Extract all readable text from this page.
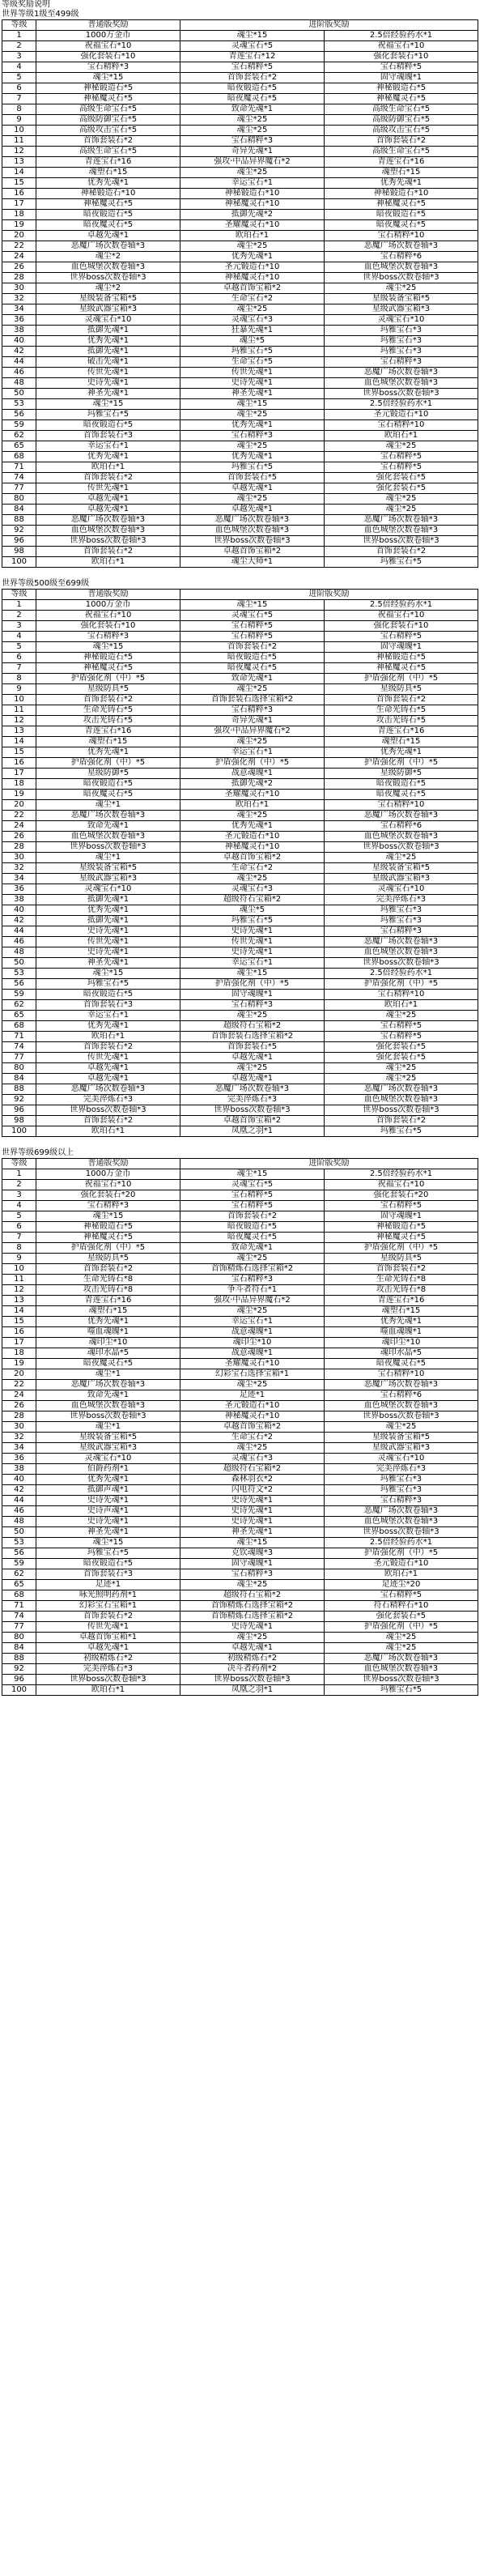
等级奖励说明
世界等级1级至499级
等级	普通版奖励	进阶版奖励	
1	1000万金币	魂尘*15	2.5倍经验药水*1
2	祝福宝石*10	灵魂宝石*5	祝福宝石*10
3	强化套装石*10	青莲宝石*12	强化套装石*10
4	宝石精粹*3	宝石精粹*5	宝石精粹*5
5	魂尘*15	首饰套装石*2	固守魂魄*1
6	神秘锻造石*5	暗夜锻造石*5	神秘锻造石*5
7	神秘魔灵石*5	暗夜魔灵石*5	神秘魔灵石*5
8	高级生命宝石*5	致命先魂*1	高级生命宝石*5
9	高级防御宝石*5	魂尘*25	高级防御宝石*5
10	高级攻击宝石*5	魂尘*25	高级攻击宝石*5
11	首饰套装石*2	宝石精粹*3	首饰套装石*2
12	高级生命宝石*5	奇异先魂*1	高级生命宝石*5
13	青莲宝石*16	强攻·中品异界魔石*2	青莲宝石*16
14	魂塑石*15	魂尘*25	魂塑石*15
15	优秀先魂*1	幸运宝石*1	优秀先魂*1
16	神秘锻造石*10	神秘锻造石*10	神秘锻造石*10
17	神秘魔灵石*5	神秘魔灵石*10	神秘魔灵石*5
18	暗夜锻造石*5	抵御先魂*2	暗夜锻造石*5
19	暗夜魔灵石*5	圣耀魔灵石*10	暗夜魔灵石*5
20	卓越先魂*1	欧珀石*1	宝石精粹*10
22	恶魔广场次数卷轴*3	魂尘*25	恶魔广场次数卷轴*3
24	魂尘*2	优秀先魂*1	宝石精粹*6
26	血色城堡次数卷轴*3	圣元锻造石*10	血色城堡次数卷轴*3
28	世界boss次数卷轴*3	神秘魔灵石*10	世界boss次数卷轴*3
30	魂尘*2	卓越首饰宝箱*2	魂尘*25
32	星级装备宝箱*5	生命宝石*2	星级装备宝箱*5
34	星级武器宝箱*3	魂尘*25	星级武器宝箱*3
36	灵魂宝石*10	灵魂宝石*3	灵魂宝石*10
38	抵御先魂*1	狂暴先魂*1	玛雅宝石*3
40	优秀先魂*1	魂尘*5	玛雅宝石*3
42	抵御先魂*1	玛雅宝石*5	玛雅宝石*3
44	破击先魂*1	生命宝石*5	宝石精粹*3
46	传世先魂*1	传世先魂*1	恶魔广场次数卷轴*3
48	史诗先魂*1	史诗先魂*1	血色城堡次数卷轴*3
50	神圣先魂*1	神圣先魂*1	世界boss次数卷轴*3
53	魂尘*15	魂尘*15	2.5倍经验药水*1
56	玛雅宝石*5	魂尘*25	圣元锻造石*10
59	暗夜锻造石*5	优秀先魂*1	宝石精粹*10
62	首饰套装石*3	宝石精粹*3	欧珀石*1
65	幸运宝石*1	魂尘*25	魂尘*25
68	优秀先魂*1	优秀先魂*1	宝石精粹*5
71	欧珀石*1	玛雅宝石*5	宝石精粹*5
74	首饰套装石*2	首饰套装石*5	强化套装石*5
77	传世先魂*1	卓越先魂*1	强化套装石*5
80	卓越先魂*1	魂尘*25	魂尘*25
84	卓越先魂*1	卓越先魂*1	魂尘*25
88	恶魔广场次数卷轴*3	恶魔广场次数卷轴*3	恶魔广场次数卷轴*3
92	血色城堡次数卷轴*3	血色城堡次数卷轴*3	血色城堡次数卷轴*3
96	世界boss次数卷轴*3	世界boss次数卷轴*3	世界boss次数卷轴*3
98	首饰套装石*2	卓越首饰宝箱*2	首饰套装石*2
100	欧珀石*1	魂尘大师*1	玛雅宝石*5
世界等级500级至699级
等级	普通版奖励	进阶版奖励	
1	1000万金币	魂尘*15	2.5倍经验药水*1
2	祝福宝石*10	灵魂宝石*5	祝福宝石*10
3	强化套装石*10	宝石精粹*5	强化套装石*10
4	宝石精粹*3	宝石精粹*5	宝石精粹*5
5	魂尘*15	首饰套装石*2	固守魂魄*1
6	神秘锻造石*5	暗夜锻造石*5	神秘锻造石*5
7	神秘魔灵石*5	暗夜魔灵石*5	神秘魔灵石*5
8	护盾强化剂（中）*5	致命先魂*1	护盾强化剂（中）*5
9	星级防具*5	魂尘*25	星级防具*5
10	首饰套装石*2	首饰套装石选择宝箱*2	首饰套装石*2
11	生命光铸石*5	宝石精粹*3	生命光铸石*5
12	攻击光铸石*5	奇异先魂*1	攻击光铸石*5
13	青莲宝石*16	强攻·中品异界魔石*2	青莲宝石*16
14	魂塑石*15	魂尘*25	魂塑石*15
15	优秀先魂*1	幸运宝石*1	优秀先魂*1
16	护盾强化剂（中）*5	护盾强化剂（中）*5	护盾强化剂（中）*5
17	星级防御*5	战意魂魄*1	星级防御*5
18	暗夜锻造石*5	抵御先魂*2	暗夜锻造石*5
19	暗夜魔灵石*5	圣耀魔灵石*10	暗夜魔灵石*5
20	魂尘*1	欧珀石*1	宝石精粹*10
22	恶魔广场次数卷轴*3	魂尘*25	恶魔广场次数卷轴*3
24	致命先魂*1	优秀先魂*1	宝石精粹*6
26	血色城堡次数卷轴*3	圣元锻造石*10	血色城堡次数卷轴*3
28	世界boss次数卷轴*3	神秘魔灵石*10	世界boss次数卷轴*3
30	魂尘*1	卓越首饰宝箱*2	魂尘*25
32	星级装备宝箱*5	生命宝石*2	星级装备宝箱*5
34	星级武器宝箱*3	魂尘*25	星级武器宝箱*3
36	灵魂宝石*10	灵魂宝石*3	灵魂宝石*10
38	抵御先魂*1	超级符石宝箱*2	完美淬炼石*3
40	优秀先魂*1	魂尘*5	玛雅宝石*3
42	抵御先魂*1	玛雅宝石*5	玛雅宝石*3
44	史诗先魂*1	史诗先魂*1	宝石精粹*3
46	传世先魂*1	传世先魂*1	恶魔广场次数卷轴*3
48	史诗先魂*1	史诗先魂*1	血色城堡次数卷轴*3
50	神圣先魂*1	幸运宝石*1	世界boss次数卷轴*3
53	魂尘*15	魂尘*15	2.5倍经验药水*1
56	玛雅宝石*5	护盾强化剂（中）*5	护盾强化剂（中）*5
59	暗夜锻造石*5	固守魂魄*1	宝石精粹*10
62	首饰套装石*3	宝石精粹*3	欧珀石*1
65	幸运宝石*1	魂尘*25	魂尘*25
68	优秀先魂*1	超级符石宝箱*2	宝石精粹*5
71	欧珀石*1	首饰套装石选择宝箱*2	宝石精粹*5
74	首饰套装石*2	首饰套装石*5	强化套装石*5
77	传世先魂*1	卓越先魂*1	强化套装石*5
80	卓越先魂*1	魂尘*25	魂尘*25
84	卓越先魂*1	卓越先魂*1	魂尘*25
88	恶魔广场次数卷轴*3	恶魔广场次数卷轴*3	恶魔广场次数卷轴*3
92	完美淬炼石*3	完美淬炼石*3	血色城堡次数卷轴*3
96	世界boss次数卷轴*3	世界boss次数卷轴*3	世界boss次数卷轴*3
98	首饰套装石*2	卓越首饰宝箱*2	首饰套装石*2
100	欧珀石*1	凤凰之羽*1	玛雅宝石*5
世界等级699级以上
等级	普通版奖励	进阶版奖励	
1	1000万金币	魂尘*15	2.5倍经验药水*1
2	祝福宝石*10	灵魂宝石*5	祝福宝石*10
3	强化套装石*20	宝石精粹*5	强化套装石*20
4	宝石精粹*3	宝石精粹*5	宝石精粹*5
5	魂尘*15	首饰套装石*2	固守魂魄*1
6	神秘锻造石*5	暗夜锻造石*5	神秘锻造石*5
7	神秘魔灵石*5	暗夜魔灵石*5	神秘魔灵石*5
8	护盾强化剂（中）*5	致命先魂*1	护盾强化剂（中）*5
9	星级防具*5	魂尘*25	星级防具*5
10	首饰套装石*2	首饰精炼石选择宝箱*2	首饰套装石*2
11	生命光铸石*8	宝石精粹*3	生命光铸石*8
12	攻击光铸石*8	争斗者符石*1	攻击光铸石*8
13	青莲宝石*16	强攻·中品异界魔石*2	青莲宝石*16
14	魂塑石*15	魂尘*25	魂塑石*15
15	优秀先魂*1	幸运宝石*1	优秀先魂*1
16	噬血魂魄*1	战意魂魄*1	噬血魂魄*1
17	魂印尘*10	魂印尘*10	魂印尘*10
18	魂印水晶*5	战意魂魄*1	魂印水晶*5
19	暗夜魔灵石*5	圣耀魔灵石*10	暗夜魔灵石*5
20	魂尘*1	幻彩宝石选择宝箱*1	宝石精粹*10
22	恶魔广场次数卷轴*3	魂尘*25	恶魔广场次数卷轴*3
24	致命先魂*1	足迹*1	宝石精粹*6
26	血色城堡次数卷轴*3	圣元锻造石*10	血色城堡次数卷轴*3
28	世界boss次数卷轴*3	神秘魔灵石*10	世界boss次数卷轴*3
30	魂尘*1	卓越首饰宝箱*2	魂尘*25
32	星级装备宝箱*5	生命宝石*2	星级装备宝箱*5
34	星级武器宝箱*3	魂尘*25	星级武器宝箱*3
36	灵魂宝石*10	灵魂宝石*3	灵魂宝石*10
38	伯爵药剂*1	超级符石宝箱*2	完美淬炼石*3
40	优秀先魂*1	森林羽衣*2	玛雅宝石*3
42	抵御声魂*1	闪电符文*2	玛雅宝石*3
44	史诗先魂*1	史诗先魂*1	宝石精粹*3
46	史诗声魂*1	史诗先魂*1	恶魔广场次数卷轴*3
48	史诗先魂*1	史诗先魂*1	血色城堡次数卷轴*3
50	神圣先魂*1	神圣先魂*1	世界boss次数卷轴*3
53	魂尘*15	魂尘*15	2.5倍经验药水*1
56	玛雅宝石*5	克钦魂魄*3	护盾强化剂（中）*5
59	暗夜锻造石*5	固守魂魄*1	圣元锻造石*10
62	首饰套装石*3	宝石精粹*3	欧珀石*1
65	足迹*1	魂尘*25	足迹尘*20
68	咏光照明药剂*1	超级符石宝箱*2	宝石精粹*5
71	幻彩宝石宝箱*1	首饰精炼石选择宝箱*2	符石精粹石*10
74	首饰套装石*2	首饰精炼石选择宝箱*2	强化套装石*5
77	传世先魂*1	史诗先魂*1	护盾强化剂（中）*5
80	卓越首饰宝箱*1	魂尘*25	魂尘*25
84	卓越先魂*1	卓越先魂*1	魂尘*25
88	初级精炼石*2	初级精炼石*2	恶魔广场次数卷轴*3
92	完美淬炼石*3	决斗者药剂*2	血色城堡次数卷轴*3
96	世界boss次数卷轴*3	世界boss次数卷轴*3	世界boss次数卷轴*3
100	欧珀石*1	凤凰之羽*1	玛雅宝石*5
